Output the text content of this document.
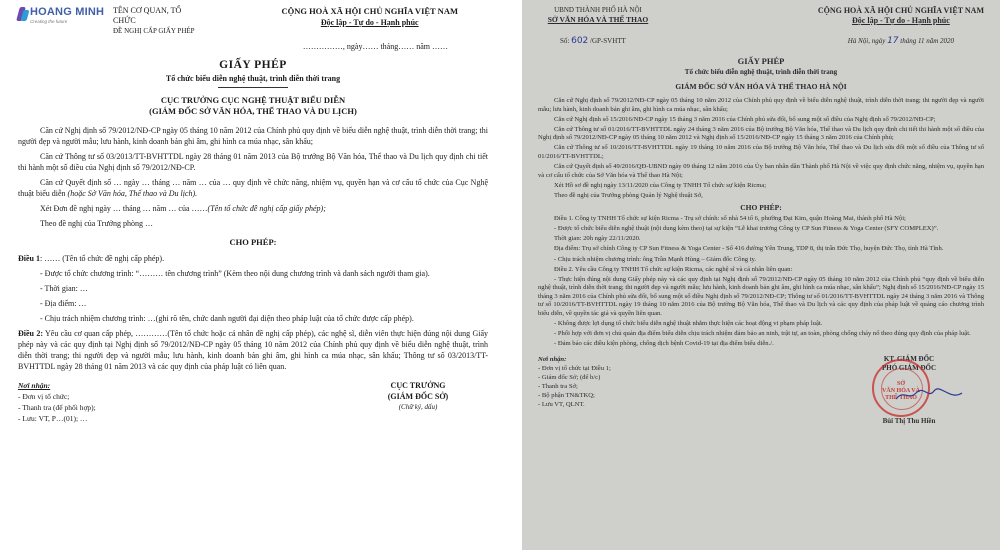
HOANG MINH
Creating the future
TÊN CƠ QUAN, TỔ CHỨC
ĐỀ NGHỊ CẤP GIẤY PHÉP
CỘNG HOÀ XÃ HỘI CHỦ NGHĨA VIỆT NAM
Độc lập - Tự do - Hạnh phúc
……………, ngày…… tháng…… năm ……
GIẤY PHÉP
Tổ chức biểu diễn nghệ thuật, trình diễn thời trang
CỤC TRƯỞNG CỤC NGHỆ THUẬT BIỂU DIỄN
(GIÁM ĐỐC SỞ VĂN HÓA, THỂ THAO VÀ DU LỊCH)

Căn cứ Nghị định số 79/2012/NĐ-CP ngày 05 tháng 10 năm 2012 của Chính phủ quy định về biểu diễn nghệ thuật, trình diễn thời trang; thi người đẹp và người mẫu; lưu hành, kinh doanh bản ghi âm, ghi hình ca múa nhạc, sân khấu;

Căn cứ Thông tư số 03/2013/TT-BVHTTDL ngày 28 tháng 01 năm 2013 của Bộ trưởng Bộ Văn hóa, Thể thao và Du lịch quy định chi tiết thi hành một số điều của Nghị định số 79/2012/NĐ-CP.

Căn cứ Quyết định số … ngày … tháng … năm … của … quy định về chức năng, nhiệm vụ, quyền hạn và cơ cấu tổ chức của Cục Nghệ thuật biểu diễn (hoặc Sở Văn hóa, Thể thao và Du lịch).

Xét Đơn đề nghị ngày … tháng … năm … của ……(Tên tổ chức đề nghị cấp giấy phép);

Theo đề nghị của Trưởng phòng …

CHO PHÉP:
Điều 1: …… (Tên tổ chức đề nghị cấp phép).
- Được tổ chức chương trình: “……… tên chương trình” (Kèm theo nội dung chương trình và danh sách người tham gia).
- Thời gian: …
- Địa điểm: …
- Chịu trách nhiệm chương trình: …(ghi rõ tên, chức danh người đại diện theo pháp luật của tổ chức được cấp phép).
Điều 2: Yêu cầu cơ quan cấp phép, …………(Tên tổ chức hoặc cá nhân đề nghị cấp phép), các nghệ sĩ, diễn viên thực hiện đúng nội dung Giấy phép này và các quy định tại Nghị định số 79/2012/NĐ-CP ngày 05 tháng 10 năm 2012 của Chính phủ quy định về biểu diễn nghệ thuật, trình diễn thời trang; thi người đẹp và người mẫu; lưu hành, kinh doanh bản ghi âm, ghi hình ca múa nhạc, sân khấu; Thông tư số 03/2013/TT-BVHTTDL ngày 28 tháng 01 năm 2013 và các quy định của pháp luật có liên quan.
Nơi nhận:
- Đơn vị tổ chức;
- Thanh tra (để phối hợp);
- Lưu: VT, P…(01); …
CỤC TRƯỞNG
(GIÁM ĐỐC SỞ)
(Chữ ký, dấu)
UBND THÀNH PHỐ HÀ NỘI
SỞ VĂN HÓA VÀ THỂ THAO
CỘNG HOÀ XÃ HỘI CHỦ NGHĨA VIỆT NAM
Độc lập - Tự do - Hạnh phúc
Số: 602 /GP-SVHTT	Hà Nội, ngày 17 tháng 11 năm 2020
GIẤY PHÉP
Tổ chức biểu diễn nghệ thuật, trình diễn thời trang
GIÁM ĐỐC SỞ VĂN HÓA VÀ THỂ THAO HÀ NỘI

Căn cứ Nghị định số 79/2012/NĐ-CP ngày 05 tháng 10 năm 2012 của Chính phủ quy định về biểu diễn nghệ thuật, trình diễn thời trang; thi người đẹp và người mẫu; lưu hành, kinh doanh bản ghi âm, ghi hình ca múa nhạc, sân khấu;

Căn cứ Nghị định số 15/2016/NĐ-CP ngày 15 tháng 3 năm 2016 của Chính phủ sửa đổi, bổ sung một số điều của Nghị định số 79/2012/NĐ-CP;

Căn cứ Thông tư số 01/2016/TT-BVHTTDL ngày 24 tháng 3 năm 2016 của Bộ trưởng Bộ Văn hóa, Thể thao và Du lịch quy định chi tiết thi hành một số điều của Nghị định số 79/2012/NĐ-CP ngày 05 tháng 10 năm 2012 và Nghị định số 15/2016/NĐ-CP ngày 15 tháng 3 năm 2016 của Chính phủ;

Căn cứ Thông tư số 10/2016/TT-BVHTTDL ngày 19 tháng 10 năm 2016 của Bộ trưởng Bộ Văn hóa, Thể thao và Du lịch sửa đổi một số điều của Thông tư số 01/2016/TT-BVHTTDL;

Căn cứ Quyết định số 49/2016/QĐ-UBND ngày 09 tháng 12 năm 2016 của Ủy ban nhân dân Thành phố Hà Nội về việc quy định chức năng, nhiệm vụ, quyền hạn và cơ cấu tổ chức của Sở Văn hóa và Thể thao Hà Nội;

Xét Hồ sơ đề nghị ngày 13/11/2020 của Công ty TNHH Tổ chức sự kiện Ricma;

Theo đề nghị của Trưởng phòng Quản lý Nghệ thuật Sở,

CHO PHÉP:

Điều 1. Công ty TNHH Tổ chức sự kiện Ricma - Trụ sở chính: số nhà 54 tổ 6, phường Đại Kim, quận Hoàng Mai, thành phố Hà Nội;

- Được tổ chức biểu diễn nghệ thuật (nội dung kèm theo) tại sự kiện “Lễ khai trương Công ty CP Sun Fitness & Yoga Center (SFY COMPLEX)”.

Thời gian: 20h ngày 22/11/2020.

Địa điểm: Trụ sở chính Công ty CP Sun Fitness & Yoga Center - Số 416 đường Yên Trung, TDP 8, thị trấn Đức Thọ, huyện Đức Thọ, tỉnh Hà Tĩnh.

- Chịu trách nhiệm chương trình: ông Trần Mạnh Hùng – Giám đốc Công ty.

Điều 2. Yêu cầu Công ty TNHH Tổ chức sự kiện Ricma, các nghệ sĩ và cá nhân liên quan:

- Thực hiện đúng nội dung Giấy phép này và các quy định tại Nghị định số 79/2012/NĐ-CP ngày 05 tháng 10 năm 2012 của Chính phủ “quy định về biểu diễn nghệ thuật, trình diễn thời trang; thi người đẹp và người mẫu; lưu hành, kinh doanh bản ghi âm, ghi hình ca múa nhạc, sân khấu”; Nghị định số 15/2016/NĐ-CP ngày 15 tháng 3 năm 2016 của Chính phủ sửa đổi, bổ sung một số điều Nghị định số 79/2012/NĐ-CP; Thông tư số 01/2016/TT-BVHTTDL ngày 24 tháng 3 năm 2016 và Thông tư số 10/2016/TT-BVHTTDL ngày 19 tháng 10 năm 2016 của Bộ trưởng Bộ Văn hóa, Thể thao và Du lịch và các quy định của pháp luật về quảng cáo chương trình biểu diễn, về quyền tác giả và quyền liên quan.

- Không được lợi dụng tổ chức biểu diễn nghệ thuật nhằm thực hiện các hoạt động vi phạm pháp luật.

- Phối hợp với đơn vị chủ quản địa điểm biểu diễn chịu trách nhiệm đảm bảo an ninh, trật tự, an toàn, phòng chống cháy nổ theo đúng quy định của pháp luật.

- Đảm bảo các điều kiện phòng, chống dịch bệnh Covid-19 tại địa điểm biểu diễn./.

Nơi nhận:
- Đơn vị tổ chức tại Điều 1;
- Giám đốc Sở; (để b/c)
- Thanh tra Sở;
- Bộ phận TN&TKQ;
- Lưu VT, QLNT.
KT. GIÁM ĐỐC
PHÓ GIÁM ĐỐC
SỞ
VĂN HÓA VÀ
THỂ THAO
Bùi Thị Thu Hiền
